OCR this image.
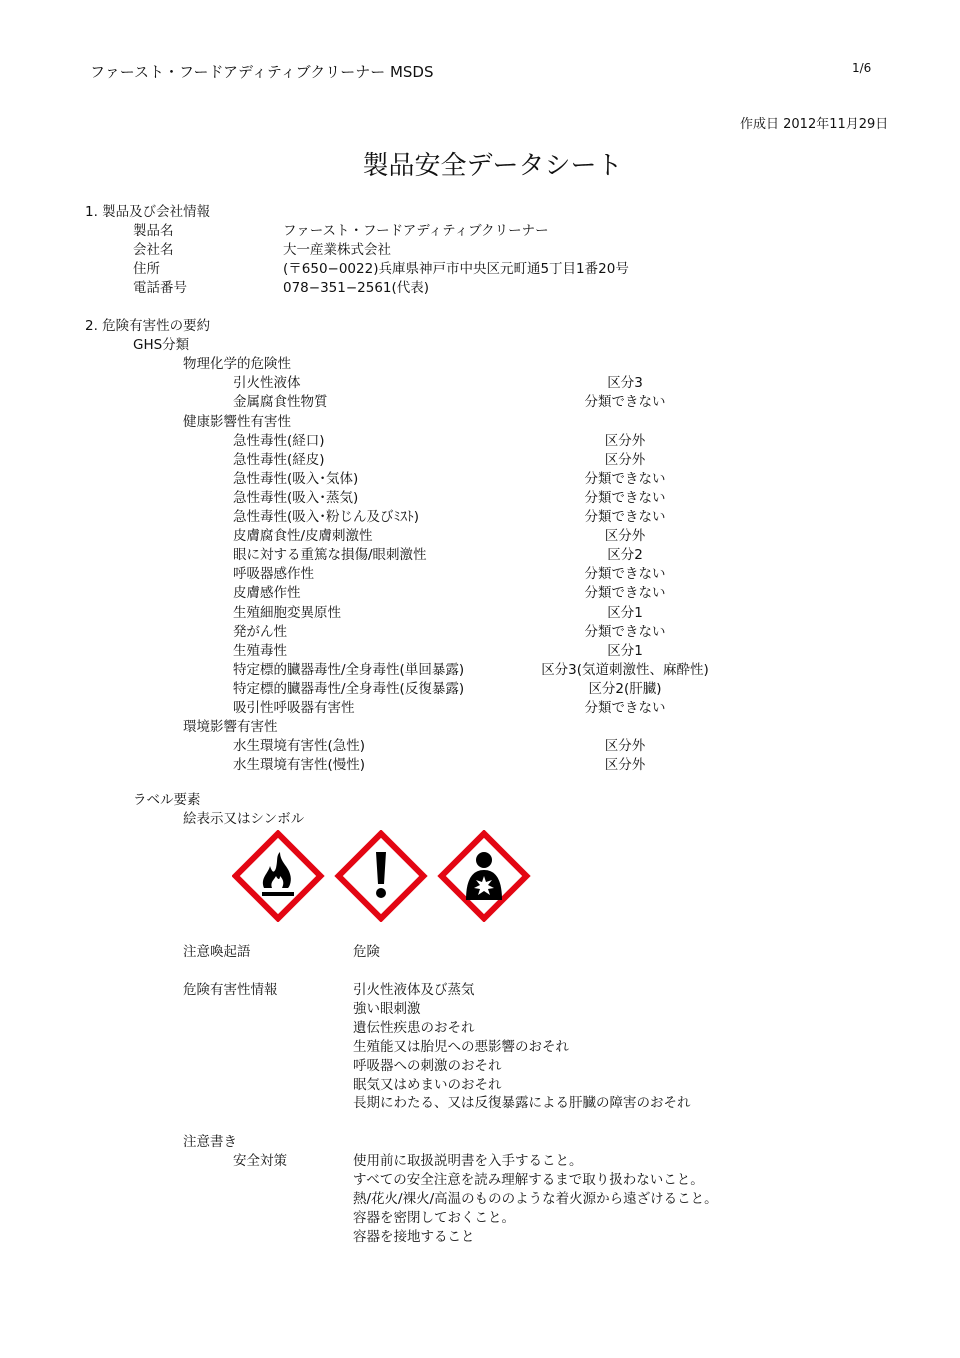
ファースト・フードアディティブクリーナー MSDS	1/6
作成日 2012年11月29日
製品安全データシート
1. 製品及び会社情報
製品名	ファースト・フードアディティブクリーナー
会社名	大一産業株式会社
住所	(〒650−0022)兵庫県神戸市中央区元町通5丁目1番20号
電話番号	078−351−2561(代表)
2. 危険有害性の要約
GHS分類
物理化学的危険性
引火性液体	区分3
金属腐食性物質	分類できない
健康影響性有害性
急性毒性(経口)	区分外
急性毒性(経皮)	区分外
急性毒性(吸入･気体)	分類できない
急性毒性(吸入･蒸気)	分類できない
急性毒性(吸入･粉じん及びﾐｽﾄ)	分類できない
皮膚腐食性/皮膚刺激性	区分外
眼に対する重篤な損傷/眼刺激性	区分2
呼吸器感作性	分類できない
皮膚感作性	分類できない
生殖細胞変異原性	区分1
発がん性	分類できない
生殖毒性	区分1
特定標的臓器毒性/全身毒性(単回暴露)	区分3(気道刺激性、麻酔性)
特定標的臓器毒性/全身毒性(反復暴露)	区分2(肝臓)
吸引性呼吸器有害性	分類できない
環境影響有害性
水生環境有害性(急性)	区分外
水生環境有害性(慢性)	区分外
ラベル要素
絵表示又はシンボル
注意喚起語	危険
危険有害性情報	引火性液体及び蒸気
強い眼刺激
遺伝性疾患のおそれ
生殖能又は胎児への悪影響のおそれ
呼吸器への刺激のおそれ
眠気又はめまいのおそれ
長期にわたる、又は反復暴露による肝臓の障害のおそれ
注意書き
安全対策	使用前に取扱説明書を入手すること。
すべての安全注意を読み理解するまで取り扱わないこと。
熱/花火/裸火/高温のもののような着火源から遠ざけること。
容器を密閉しておくこと。
容器を接地すること
